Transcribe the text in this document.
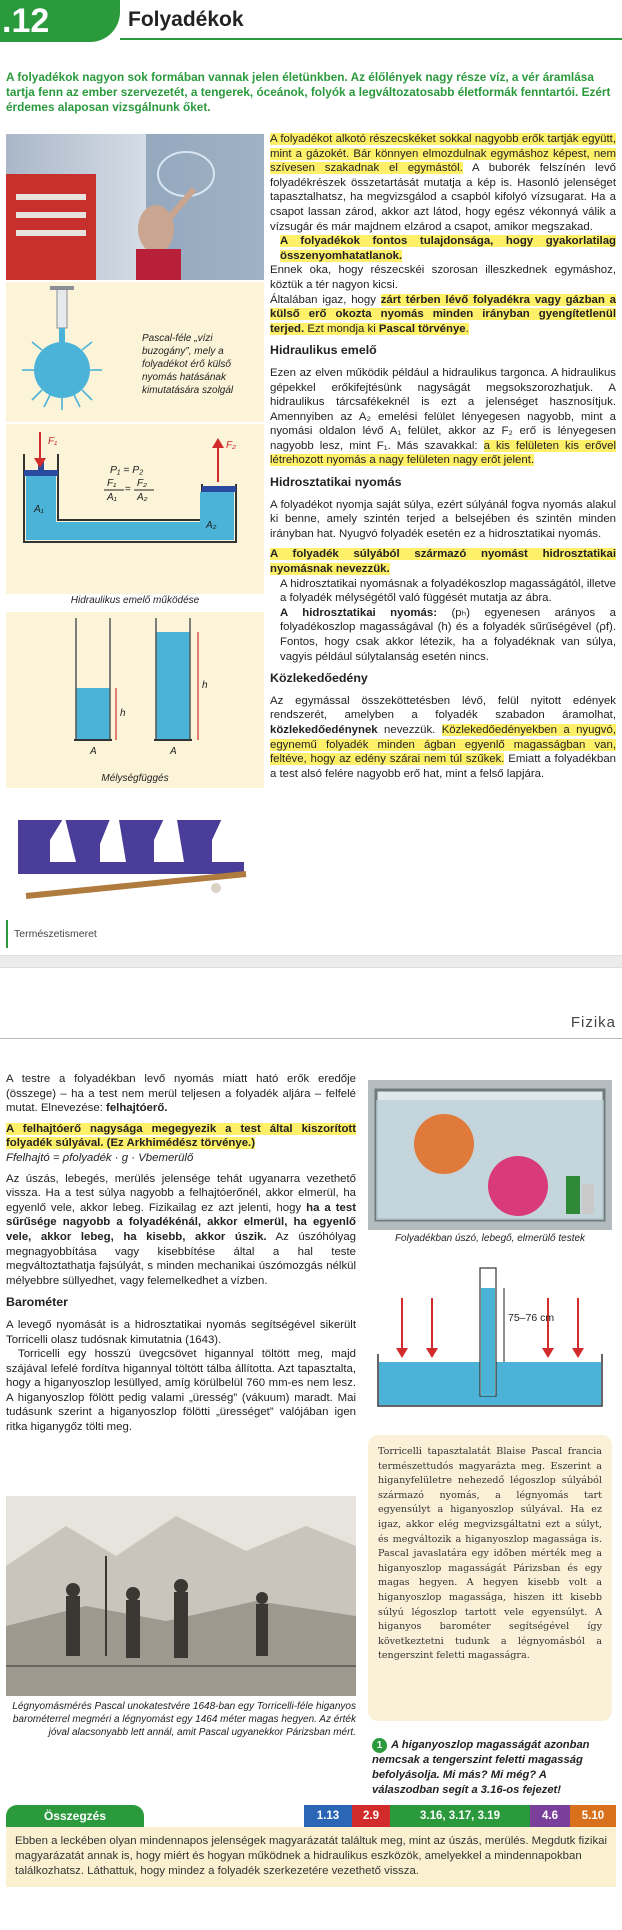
.12	Folyadékok
A folyadékok nagyon sok formában vannak jelen életünkben. Az élőlények nagy része víz, a vér áramlása tartja fenn az ember szervezetét, a tengerek, óceánok, folyók a legváltozatosabb életformák fenntartói. Ezért érdemes alaposan vizsgálnunk őket.
Pascal-féle „vízi buzogány”, mely a folyadékot érő külső nyomás hatásának kimutatására szolgál
F₁	F₂
A₁
A₂
P₁ = P₂
F₁
A₁
=
F₂
A₂
Hidraulikus emelő működése
h
h
A	A
Mélységfüggés

A folyadékot alkotó részecskéket sokkal nagyobb erők tartják együtt, mint a gázokét. Bár könnyen elmozdulnak egymáshoz képest, nem szívesen szakadnak el egymástól. A buborék felszínén levő folyadékrészek összetartását mutatja a kép is. Hasonló jelenséget tapasztalhatsz, ha megvizsgálod a csapból kifolyó vízsugarat. Ha a csapot lassan zárod, akkor azt látod, hogy egész vékonnyá válik a vízsugár és már majdnem elzárod a csapot, amikor megszakad.

A folyadékok fontos tulajdonsága, hogy gyakorlatilag összenyomhatatlanok.

Ennek oka, hogy részecskéi szorosan illeszkednek egymáshoz, köztük a tér nagyon kicsi.

Általában igaz, hogy zárt térben lévő folyadékra vagy gázban a külső erő okozta nyomás minden irányban gyengítetlenül terjed. Ezt mondja ki Pascal törvénye.

Hidraulikus emelő

Ezen az elven működik például a hidraulikus targonca. A hidraulikus gépekkel erőkifejtésünk nagyságát megsokszorozhatjuk. A hidraulikus tárcsafékeknél is ezt a jelenséget hasznosítjuk. Amennyiben az A₂ emelési felület lényegesen nagyobb, mint a nyomási oldalon lévő A₁ felület, akkor az F₂ erő is lényegesen nagyobb lesz, mint F₁. Más szavakkal: a kis felületen kis erővel létrehozott nyomás a nagy felületen nagy erőt jelent.

Hidrosztatikai nyomás

A folyadékot nyomja saját súlya, ezért súlyánál fogva nyomás alakul ki benne, amely szintén terjed a belsejében és szintén minden irányban hat. Nyugvó folyadék esetén ez a hidrosztatikai nyomás.

A folyadék súlyából származó nyomást hidrosztatikai nyomásnak nevezzük.

A hidrosztatikai nyomásnak a folyadékoszlop magasságától, illetve a folyadék mélységétől való függését mutatja az ábra.

A hidrosztatikai nyomás: (pₕ) egyenesen arányos a folyadékoszlop magasságával (h) és a folyadék sűrűségével (ρf). Fontos, hogy csak akkor létezik, ha a folyadéknak van súlya, vagyis például súlytalanság esetén nincs.

Közlekedőedény

Az egymással összeköttetésben lévő, felül nyitott edények rendszerét, amelyben a folyadék szabadon áramolhat, közlekedőedénynek nevezzük. Közlekedőedényekben a nyugvó, egynemű folyadék minden ágban egyenlő magasságban van, feltéve, hogy az edény szárai nem túl szűkek. Emiatt a folyadékban a test alsó felére nagyobb erő hat, mint a felső lapjára.

Természetismeret
Fizika

A testre a folyadékban levő nyomás miatt ható erők eredője (összege) – ha a test nem merül teljesen a folyadék aljára – felfelé mutat. Elnevezése: felhajtóerő.

A felhajtóerő nagysága megegyezik a test által kiszorított folyadék súlyával. (Ez Arkhimédész törvénye.)

Ffelhajtó = ρfolyadék · g · Vbemerülő

Az úszás, lebegés, merülés jelensége tehát ugyanarra vezethető vissza. Ha a test súlya nagyobb a felhajtóerőnél, akkor elmerül, ha egyenlő vele, akkor lebeg. Fizikailag ez azt jelenti, hogy ha a test sűrűsége nagyobb a folyadékénál, akkor elmerül, ha egyenlő vele, akkor lebeg, ha kisebb, akkor úszik. Az úszóhólyag megnagyobbítása vagy kisebbítése által a hal teste megváltoztathatja fajsúlyát, s minden mechanikai úszómozgás nélkül mélyebbre süllyedhet, vagy felemelkedhet a vízben.

Barométer

A levegő nyomását is a hidrosztatikai nyomás segítségével sikerült Torricelli olasz tudósnak kimutatnia (1643).

Torricelli egy hosszú üvegcsövet higannyal töltött meg, majd szájával lefelé fordítva higannyal töltött tálba állította. Azt tapasztalta, hogy a higanyoszlop lesüllyed, amíg körülbelül 760 mm-es nem lesz. A higanyoszlop fölött pedig valami „üresség” (vákuum) maradt. Mai tudásunk szerint a higanyoszlop fölötti „ürességet” valójában igen ritka higanygőz tölti meg.

Légnyomásmérés Pascal unokatestvére 1648-ban egy Torricelli-féle higanyos barométerrel megméri a légnyomást egy 1464 méter magas hegyen. Az érték jóval alacsonyabb lett annál, amit Pascal ugyanekkor Párizsban mért.
Folyadékban úszó, lebegő, elmerülő testek
75–76 cm
Torricelli tapasztalatát Blaise Pascal francia természettudós magyarázta meg. Eszerint a higanyfelületre nehezedő légoszlop súlyából származó nyomás, a légnyomás tart egyensúlyt a higanyoszlop súlyával. Ha ez igaz, akkor elég megvizsgáltatni ezt a súlyt, és megváltozik a higanyoszlop magassága is. Pascal javaslatára egy időben mérték meg a higanyoszlop magasságát Párizsban és egy magas hegyen. A hegyen kisebb volt a higanyoszlop magassága, hiszen itt kisebb súlyú légoszlop tartott vele egyensúlyt. A higanyos barométer segítségével így következtetni tudunk a légnyomásból a tengerszint feletti magasságra.
1 A higanyoszlop magasságát azonban nemcsak a tengerszint feletti magasság befolyásolja. Mi más? Mi még? A válaszodban segít a 3.16-os fejezet!
Összegzés	1.13	2.9	3.16, 3.17, 3.19	4.6	5.10
Ebben a leckében olyan mindennapos jelenségek magyarázatát találtuk meg, mint az úszás, merülés. Megdutk fizikai magyarázatát annak is, hogy miért és hogyan működnek a hidraulikus eszközök, amelyekkel a mindennapokban találkozhatsz. Láthattuk, hogy mindez a folyadék szerkezetére vezethető vissza.
